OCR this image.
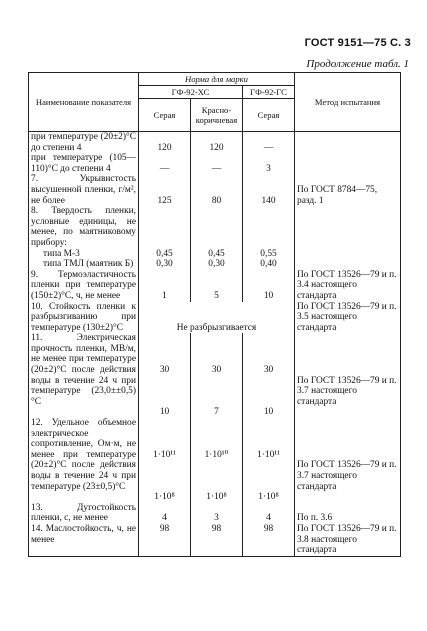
ГОСТ 9151—75 С. 3
Продолжение табл. 1
Наименование показателя	Норма для марки			Метод испытания
	ГФ-92-ХС		ГФ-92-ГС	
	Серая	Красно-коричневая	Серая	
при температуре (20±2)°С до степени 4	120	120	—	
при температуре (105—110)°С до степени 4	—	—	3	
7. Укрывистость высушенной пленки, г/м², не более	125	80	140	По ГОСТ 8784—75, разд. 1
8. Твердость пленки, условные единицы, не менее, по маятниковому прибору:				
типа М-3	0,45	0,45	0,55	
типа ТМЛ (маятник Б)	0,30	0,30	0,40	
9. Термоэластичность пленки при температуре (150±2)°С, ч, не менее	1	5	10	По ГОСТ 13526—79 и п. 3.4 настоящего стандарта
10. Стойкость пленки к разбрызгиванию при температуре (130±2)°С	Не разбрызгивается			По ГОСТ 13526—79 и п. 3.5 настоящего стандарта
11. Электрическая прочность пленки, МВ/м, не менее при температуре (20±2)°С после действия воды в течение 24 ч при температуре (23,0±±0,5)°С	30	30	30	По ГОСТ 13526—79 и п. 3.7 настоящего стандарта
	10	7	10	
12. Удельное объемное электрическое сопротивление, Ом·м, не менее при температуре (20±2)°С после действия воды в течение 24 ч при температуре (23±0,5)°С	1·10¹¹	1·10¹⁰	1·10¹¹	По ГОСТ 13526—79 и п. 3.7 настоящего стандарта
	1·10⁸	1·10⁸	1·10⁸	
13. Дугостойкость пленки, с, не менее	4	3	4	По п. 3.6
14. Маслостойкость, ч, не менее	98	98	98	По ГОСТ 13526—79 и п. 3.8 настоящего стандарта
